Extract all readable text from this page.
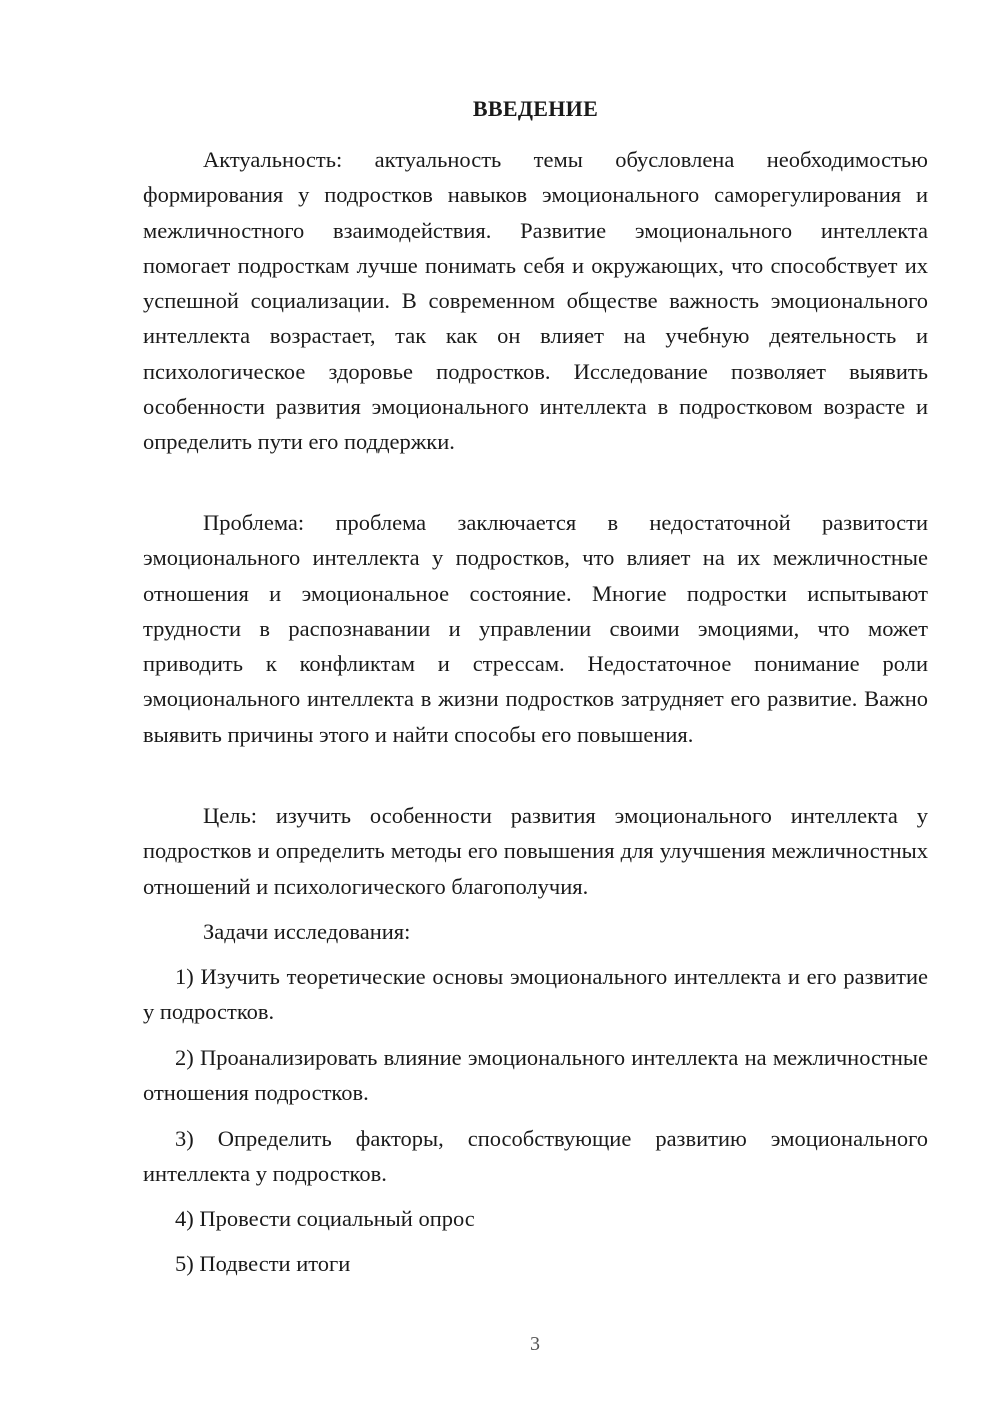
ВВЕДЕНИЕ

Актуальность: актуальность темы обусловлена необходимостью формирования у подростков навыков эмоционального саморегулирования и межличностного взаимодействия. Развитие эмоционального интеллекта помогает подросткам лучше понимать себя и окружающих, что способствует их успешной социализации. В современном обществе важность эмоционального интеллекта возрастает, так как он влияет на учебную деятельность и психологическое здоровье подростков. Исследование позволяет выявить особенности развития эмоционального интеллекта в подростковом возрасте и определить пути его поддержки.

Проблема: проблема заключается в недостаточной развитости эмоционального интеллекта у подростков, что влияет на их межличностные отношения и эмоциональное состояние. Многие подростки испытывают трудности в распознавании и управлении своими эмоциями, что может приводить к конфликтам и стрессам. Недостаточное понимание роли эмоционального интеллекта в жизни подростков затрудняет его развитие. Важно выявить причины этого и найти способы его повышения.

Цель: изучить особенности развития эмоционального интеллекта у подростков и определить методы его повышения для улучшения межличностных отношений и психологического благополучия.

Задачи исследования:

1) Изучить теоретические основы эмоционального интеллекта и его развитие у подростков.

2) Проанализировать влияние эмоционального интеллекта на межличностные отношения подростков.

3) Определить факторы, способствующие развитию эмоционального интеллекта у подростков.

4) Провести социальный опрос

5) Подвести итоги

3
